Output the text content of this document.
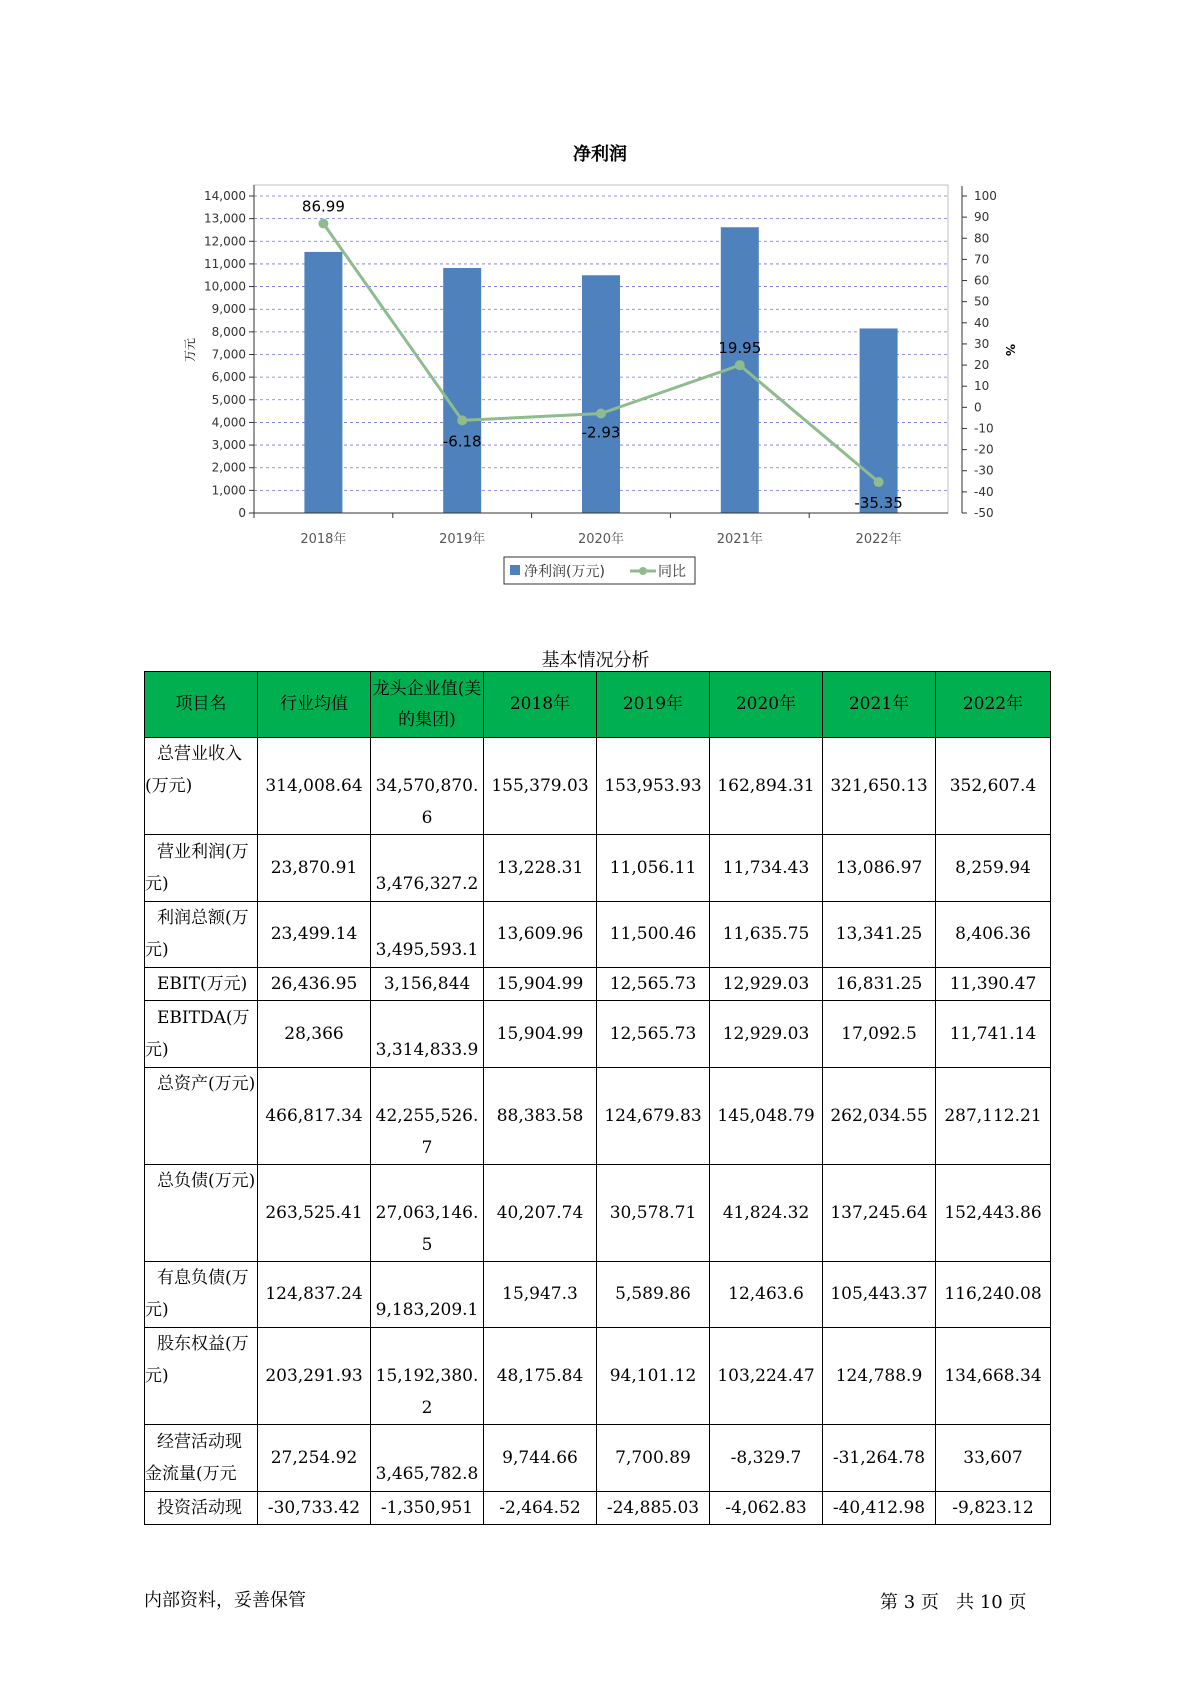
净利润
0
1,000
2,000
3,000
4,000
5,000
6,000
7,000
8,000
9,000
10,000
11,000
12,000
13,000
14,000
-50
-40
-30
-20
-10
0
10
20
30
40
50
60
70
80
90
100
2018年	2019年	2020年	2021年	2022年
86.99
-6.18	-2.93
19.95
-35.35
万元	%
净利润(万元)	同比
基本情况分析
项目名	行业均值	龙头企业值(美的集团)	2018年	2019年	2020年	2021年	2022年
总营业收入(万元)	314,008.64	34,570,870.6	155,379.03	153,953.93	162,894.31	321,650.13	352,607.4

营业利润(万元)	23,870.91	3,476,327.2	13,228.31	11,056.11	11,734.43	13,086.97	8,259.94

利润总额(万元)	23,499.14	3,495,593.1	13,609.96	11,500.46	11,635.75	13,341.25	8,406.36

EBIT(万元)	26,436.95	3,156,844	15,904.99	12,565.73	12,929.03	16,831.25	11,390.47

EBITDA(万元)	28,366	3,314,833.9	15,904.99	12,565.73	12,929.03	17,092.5	11,741.14

总资产(万元)	466,817.34	42,255,526.7	88,383.58	124,679.83	145,048.79	262,034.55	287,112.21

总负债(万元)	263,525.41	27,063,146.5	40,207.74	30,578.71	41,824.32	137,245.64	152,443.86

有息负债(万元)	124,837.24	9,183,209.1	15,947.3	5,589.86	12,463.6	105,443.37	116,240.08

股东权益(万元)	203,291.93	15,192,380.2	48,175.84	94,101.12	103,224.47	124,788.9	134,668.34

经营活动现金流量(万元	27,254.92	3,465,782.8	9,744.66	7,700.89	-8,329.7	-31,264.78	33,607

投资活动现	-30,733.42	-1,350,951	-2,464.52	-24,885.03	-4,062.83	-40,412.98	-9,823.12
内部资料，妥善保管	第 3 页   共 10 页
